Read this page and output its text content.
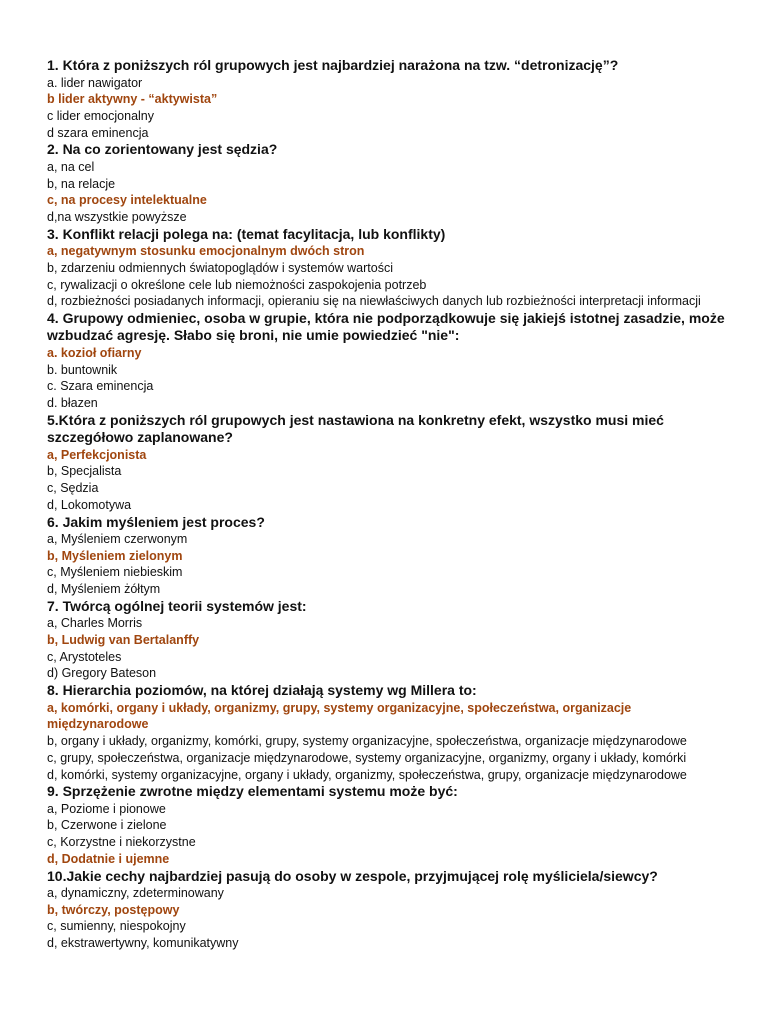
1. Która z poniższych ról grupowych jest najbardziej narażona na tzw. “detronizację”?
a. lider nawigator
b lider aktywny - “aktywista”
c lider emocjonalny
d szara eminencja
2. Na co zorientowany jest sędzia?
a, na cel
b, na relacje
c, na procesy intelektualne
d,na wszystkie powyższe
3. Konflikt relacji polega na: (temat facylitacja, lub konflikty)
a, negatywnym stosunku emocjonalnym dwóch stron
b, zdarzeniu odmiennych światopoglądów i systemów wartości
c, rywalizacji o określone cele lub niemożności zaspokojenia potrzeb
d, rozbieżności posiadanych informacji, opieraniu się na niewłaściwych danych lub rozbieżności interpretacji informacji
4. Grupowy odmieniec, osoba w grupie, która nie podporządkowuje się jakiejś istotnej zasadzie, może wzbudzać agresję. Słabo się broni, nie umie powiedzieć "nie":
a. kozioł ofiarny
b. buntownik
c. Szara eminencja
d. błazen
5.Która z poniższych ról grupowych jest nastawiona na konkretny efekt, wszystko musi mieć szczegółowo zaplanowane?
a, Perfekcjonista
b, Specjalista
c, Sędzia
d, Lokomotywa
6. Jakim myśleniem jest proces?
a, Myśleniem czerwonym
b, Myśleniem zielonym
c, Myśleniem niebieskim
d, Myśleniem żółtym
7. Twórcą ogólnej teorii systemów jest:
a, Charles Morris
b, Ludwig van Bertalanffy
c, Arystoteles
d) Gregory Bateson
8. Hierarchia poziomów, na której działają systemy wg Millera to:
a, komórki, organy i układy, organizmy, grupy, systemy organizacyjne, społeczeństwa, organizacje międzynarodowe
b, organy i układy, organizmy, komórki, grupy, systemy organizacyjne, społeczeństwa, organizacje międzynarodowe
c, grupy, społeczeństwa, organizacje międzynarodowe, systemy organizacyjne, organizmy, organy i układy, komórki
d, komórki, systemy organizacyjne, organy i układy, organizmy, społeczeństwa, grupy, organizacje międzynarodowe
9. Sprzężenie zwrotne między elementami systemu może być:
a, Poziome i pionowe
b, Czerwone i zielone
c, Korzystne i niekorzystne
d, Dodatnie i ujemne
10.Jakie cechy najbardziej pasują do osoby w zespole, przyjmującej rolę myśliciela/siewcy?
a, dynamiczny, zdeterminowany
b, twórczy, postępowy
c, sumienny, niespokojny
d, ekstrawertywny, komunikatywny
